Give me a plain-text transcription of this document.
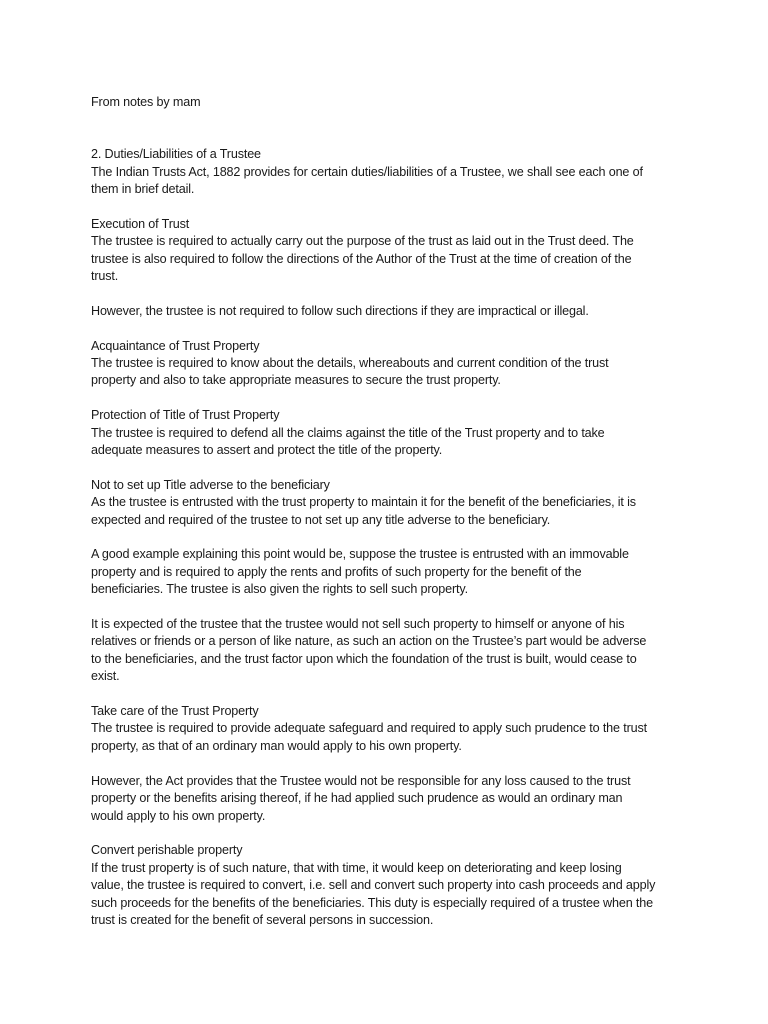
From notes by mam
2. Duties/Liabilities of a Trustee
The Indian Trusts Act, 1882 provides for certain duties/liabilities of a Trustee, we shall see each one of
them in brief detail.
Execution of Trust
The trustee is required to actually carry out the purpose of the trust as laid out in the Trust deed. The
trustee is also required to follow the directions of the Author of the Trust at the time of creation of the
trust.
However, the trustee is not required to follow such directions if they are impractical or illegal.
Acquaintance of Trust Property
The trustee is required to know about the details, whereabouts and current condition of the trust
property and also to take appropriate measures to secure the trust property.
Protection of Title of Trust Property
The trustee is required to defend all the claims against the title of the Trust property and to take
adequate measures to assert and protect the title of the property.
Not to set up Title adverse to the beneficiary
As the trustee is entrusted with the trust property to maintain it for the benefit of the beneficiaries, it is
expected and required of the trustee to not set up any title adverse to the beneficiary.
A good example explaining this point would be, suppose the trustee is entrusted with an immovable
property and is required to apply the rents and profits of such property for the benefit of the
beneficiaries. The trustee is also given the rights to sell such property.
It is expected of the trustee that the trustee would not sell such property to himself or anyone of his
relatives or friends or a person of like nature, as such an action on the Trustee’s part would be adverse
to the beneficiaries, and the trust factor upon which the foundation of the trust is built, would cease to
exist.
Take care of the Trust Property
The trustee is required to provide adequate safeguard and required to apply such prudence to the trust
property, as that of an ordinary man would apply to his own property.
However, the Act provides that the Trustee would not be responsible for any loss caused to the trust
property or the benefits arising thereof, if he had applied such prudence as would an ordinary man
would apply to his own property.
Convert perishable property
If the trust property is of such nature, that with time, it would keep on deteriorating and keep losing
value, the trustee is required to convert, i.e. sell and convert such property into cash proceeds and apply
such proceeds for the benefits of the beneficiaries. This duty is especially required of a trustee when the
trust is created for the benefit of several persons in succession.
